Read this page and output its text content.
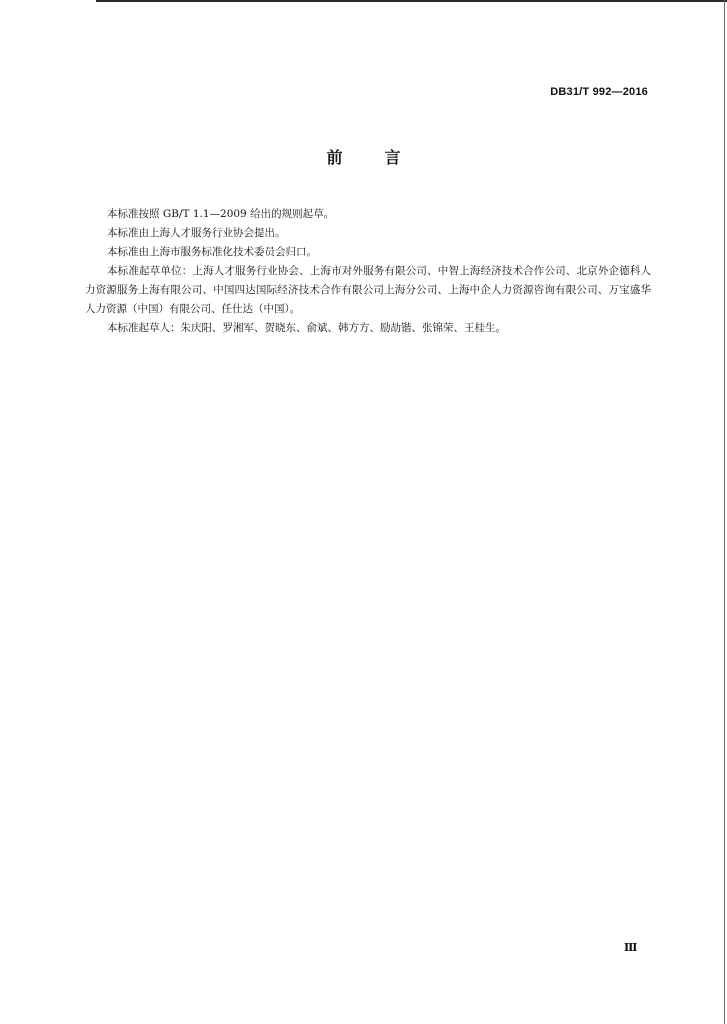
DB31/T 992—2016
前	言

本标准按照 GB/T 1.1—2009 给出的规则起草。

本标准由上海人才服务行业协会提出。

本标准由上海市服务标准化技术委员会归口。

本标准起草单位：上海人才服务行业协会、上海市对外服务有限公司、中智上海经济技术合作公司、北京外企德科人力资源服务上海有限公司、中国四达国际经济技术合作有限公司上海分公司、上海中企人力资源咨询有限公司、万宝盛华人力资源（中国）有限公司、任仕达（中国）。

本标准起草人：朱庆阳、罗湘军、贺晓东、俞斌、韩方方、励劼锴、张锦荣、王桂生。

Ⅲ
